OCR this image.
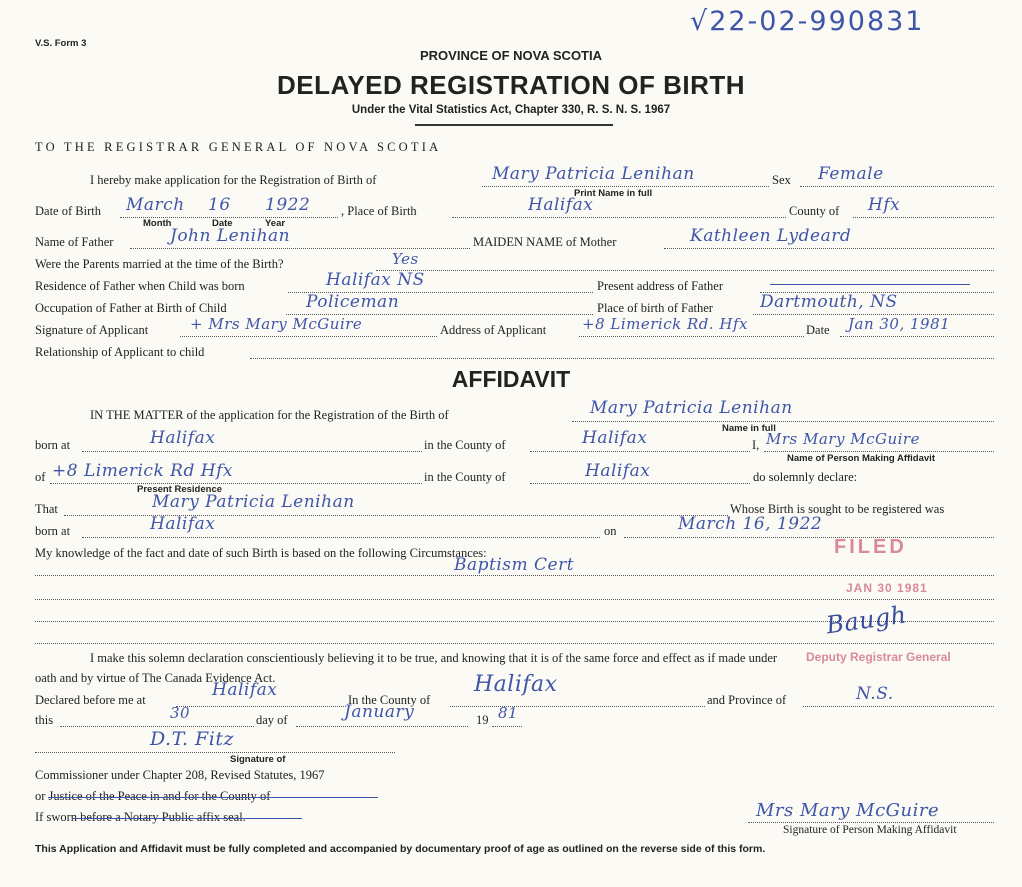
V.S. Form 3
√22-02-990831
PROVINCE OF NOVA SCOTIA
DELAYED REGISTRATION OF BIRTH
Under the Vital Statistics Act, Chapter 330, R. S. N. S. 1967
TO THE REGISTRAR GENERAL OF NOVA SCOTIA
I hereby make application for the Registration of Birth of	Mary Patricia Lenihan	Sex Female
Print Name in full
Date of Birth March 16 1922 , Place of Birth	Halifax	County of Hfx
Month	Date	Year
Name of Father	John Lenihan	MAIDEN NAME of Mother	Kathleen Lydeard
Were the Parents married at the time of the Birth?	Yes
Residence of Father when Child was born	Halifax NS	Present address of Father
Occupation of Father at Birth of Child	Policeman	Place of birth of Father	Dartmouth, NS
Signature of Applicant	+ Mrs Mary McGuire	Address of Applicant +8 Limerick Rd. Hfx	Date Jan 30, 1981
Relationship of Applicant to child
AFFIDAVIT
IN THE MATTER of the application for the Registration of the Birth of	Mary Patricia Lenihan
Name in full
born at	Halifax	in the County of	Halifax	I, Mrs Mary McGuire
Name of Person Making Affidavit
of +8 Limerick Rd Hfx	in the County of	Halifax	do solemnly declare:
Present Residence
That	Mary Patricia Lenihan	Whose Birth is sought to be registered was
born at	Halifax	on	March 16, 1922
My knowledge of the fact and date of such Birth is based on the following Circumstances:
Baptism Cert
FILED
JAN 30 1981
Deputy Registrar General
Baugh
I make this solemn declaration conscientiously believing it to be true, and knowing that it is of the same force and effect as if made under
oath and by virtue of The Canada Evidence Act.
Declared before me at	Halifax	In the County of
Halifax
and Province of	N.S.
this	30	day of	January	19 81
D.T. Fitz
Signature of
Commissioner under Chapter 208, Revised Statutes, 1967
or Justice of the Peace in and for the County of
If sworn before a Notary Public affix seal.	Mrs Mary McGuire
Signature of Person Making Affidavit
This Application and Affidavit must be fully completed and accompanied by documentary proof of age as outlined on the reverse side of this form.
